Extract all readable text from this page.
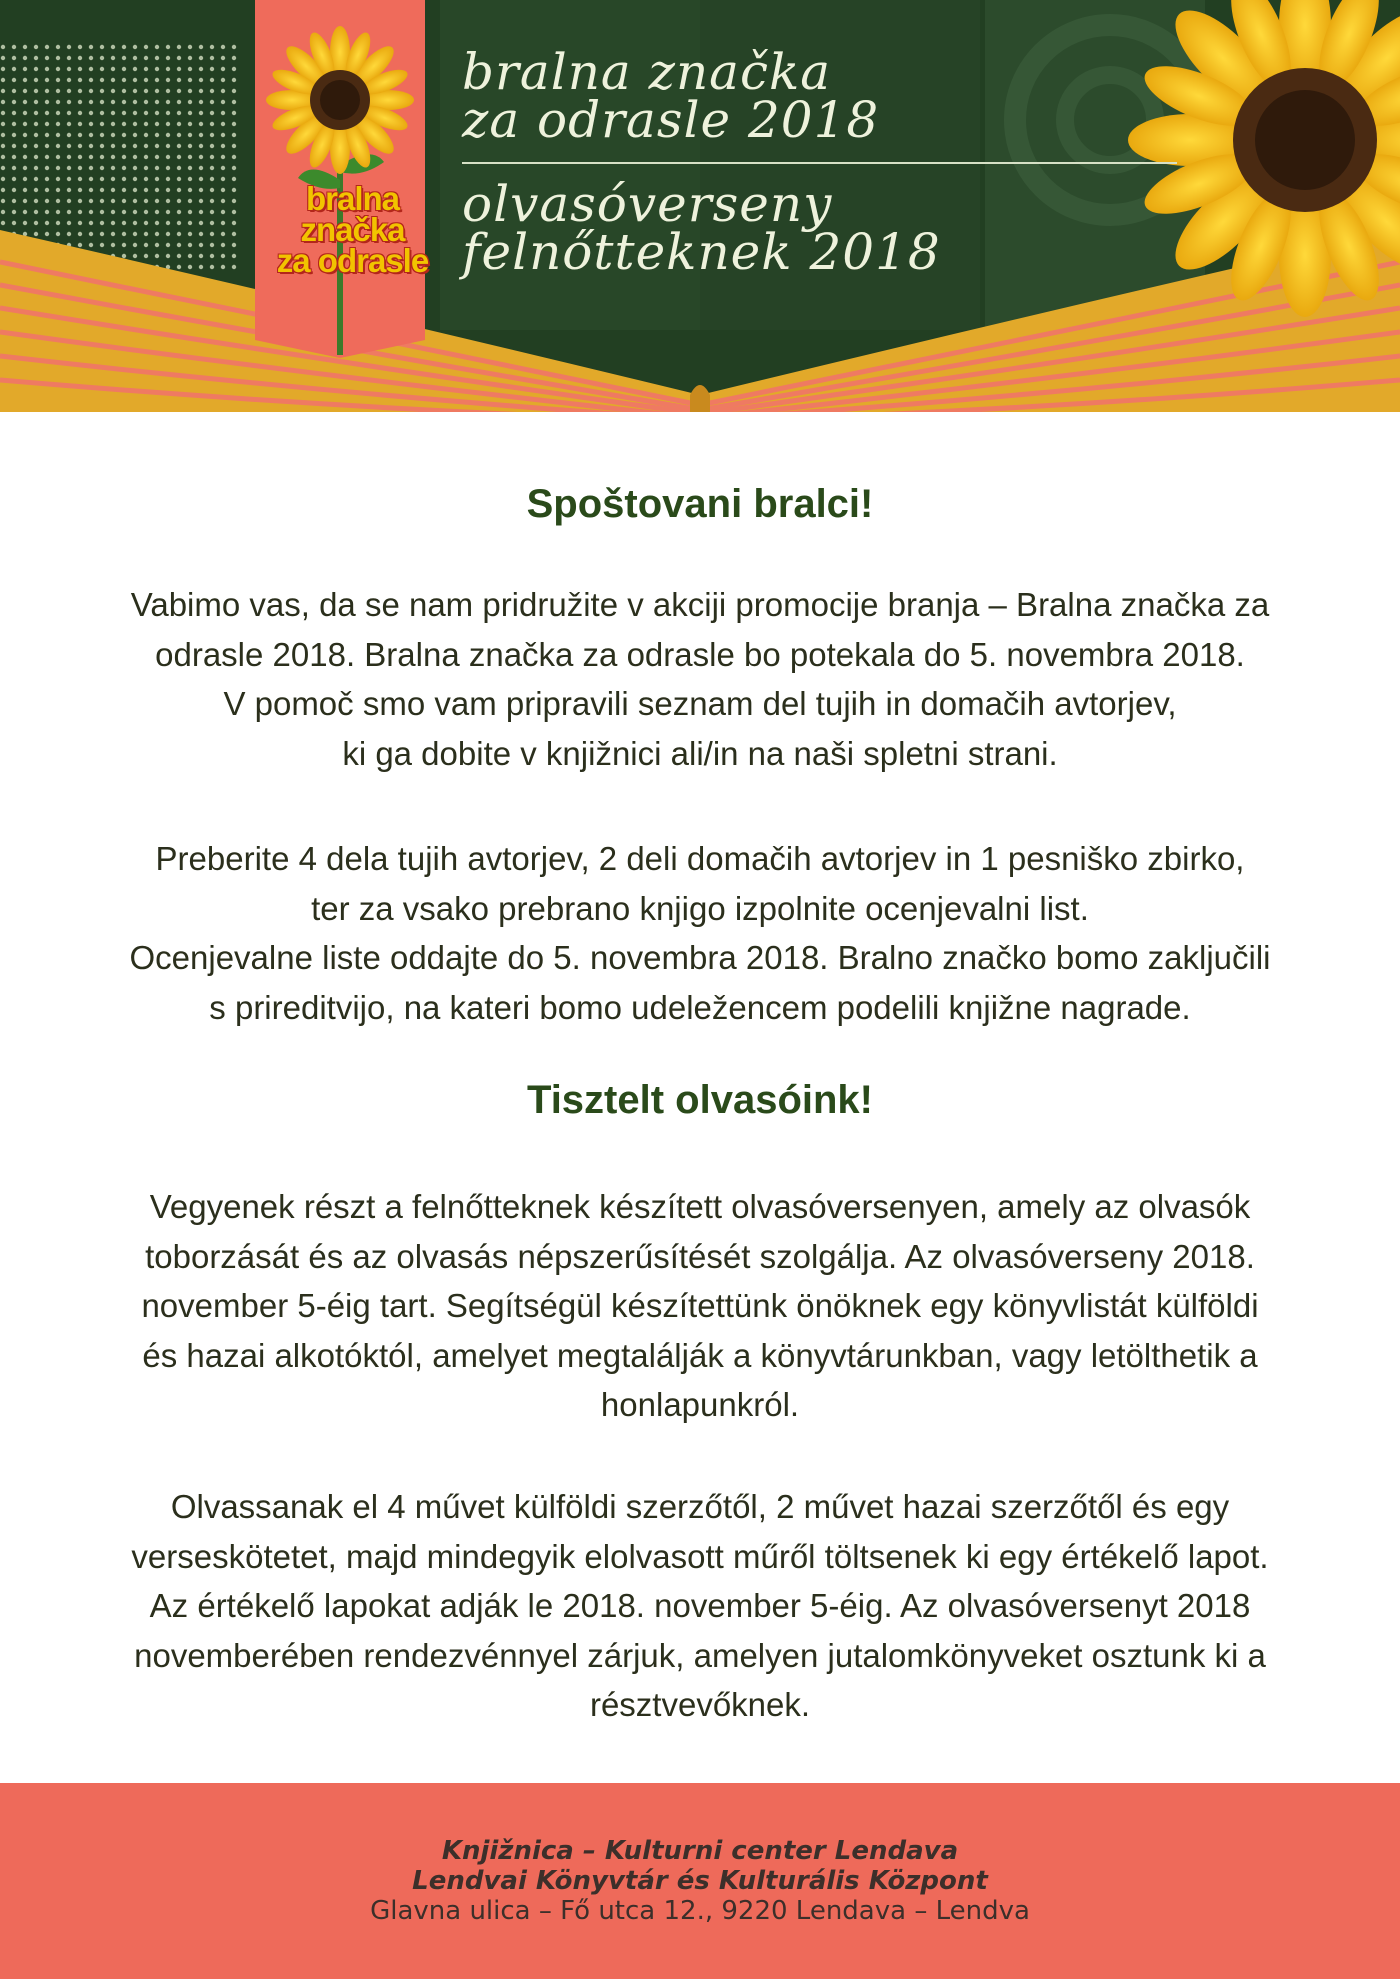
bralna značka
za odrasle 2018
olvasóverseny
felnőtteknek 2018
bralna
značka
za odrasle
Spoštovani bralci!

Vabimo vas, da se nam pridružite v akciji promocije branja – Bralna značka za
odrasle 2018. Bralna značka za odrasle bo potekala do 5. novembra 2018.
V pomoč smo vam pripravili seznam del tujih in domačih avtorjev,
ki ga dobite v knjižnici ali/in na naši spletni strani.

Preberite 4 dela tujih avtorjev, 2 deli domačih avtorjev in 1 pesniško zbirko,
ter za vsako prebrano knjigo izpolnite ocenjevalni list.
Ocenjevalne liste oddajte do 5. novembra 2018. Bralno značko bomo zaključili
s prireditvijo, na kateri bomo udeležencem podelili knjižne nagrade.

Tisztelt olvasóink!

Vegyenek részt a felnőtteknek készített olvasóversenyen, amely az olvasók
toborzását és az olvasás népszerűsítését szolgálja. Az olvasóverseny 2018.
november 5-éig tart. Segítségül készítettünk önöknek egy könyvlistát külföldi
és hazai alkotóktól, amelyet megtalálják a könyvtárunkban, vagy letölthetik a
honlapunkról.

Olvassanak el 4 művet külföldi szerzőtől, 2 művet hazai szerzőtől és egy
verseskötetet, majd mindegyik elolvasott műről töltsenek ki egy értékelő lapot.
Az értékelő lapokat adják le 2018. november 5-éig. Az olvasóversenyt 2018
novemberében rendezvénnyel zárjuk, amelyen jutalomkönyveket osztunk ki a
résztvevőknek.

Knjižnica – Kulturni center Lendava
Lendvai Könyvtár és Kulturális Központ
Glavna ulica – Fő utca 12., 9220 Lendava – Lendva
